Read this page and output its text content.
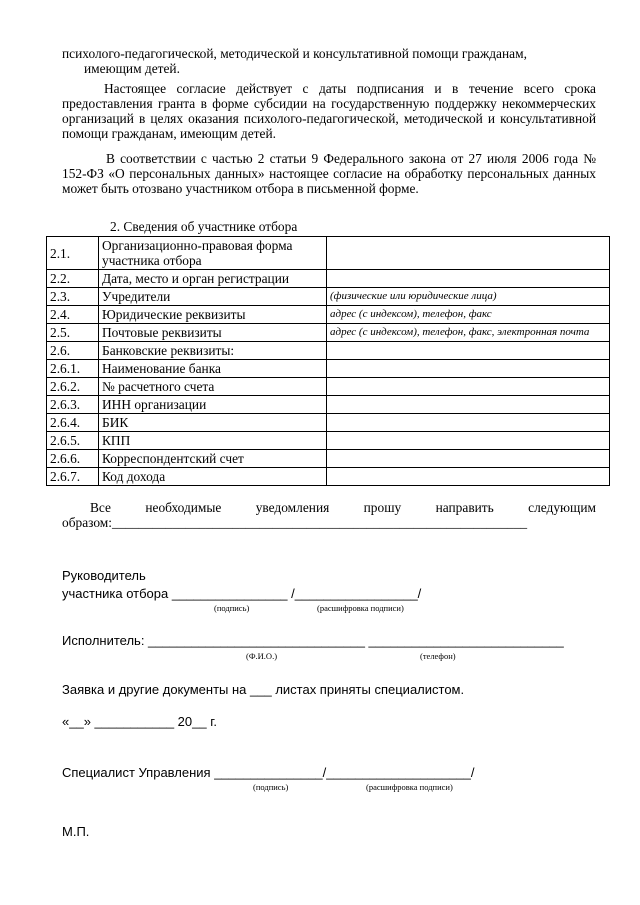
психолого-педагогической, методической и консультативной помощи гражданам,
имеющим детей.
Настоящее согласие действует с даты подписания и в течение всего срока предоставления гранта в форме субсидии на государственную поддержку некоммерческих организаций в целях оказания психолого-педагогической, методической и консультативной помощи гражданам, имеющим детей.
В соответствии с частью 2 статьи 9 Федерального закона от 27 июля 2006 года № 152-ФЗ «О персональных данных» настоящее согласие на обработку персональных данных может быть отозвано участником отбора в письменной форме.
2. Сведения об участнике отбора
2.1.	Организационно-правовая форма участника отбора	
2.2.	Дата, место и орган регистрации	
2.3.	Учредители	(физические или юридические лица)
2.4.	Юридические реквизиты	адрес (с индексом), телефон, факс
2.5.	Почтовые реквизиты	адрес (с индексом), телефон, факс, электронная почта
2.6.	Банковские реквизиты:	
2.6.1.	Наименование банка	
2.6.2.	№ расчетного счета	
2.6.3.	ИНН организации	
2.6.4.	БИК	
2.6.5.	КПП	
2.6.6.	Корреспондентский счет	
2.6.7.	Код дохода	
Все необходимые уведомления прошу направить следующим
образом:______________________________________________________________
Руководитель
участника отбора ________________ /_________________/
(подпись)	(расшифровка подписи)
Исполнитель: ______________________________ ___________________________
(Ф.И.О.)	(телефон)
Заявка и другие документы на ___ листах приняты специалистом.
«__» ___________ 20__ г.
Специалист Управления _______________/____________________/
(подпись)	(расшифровка подписи)
М.П.
